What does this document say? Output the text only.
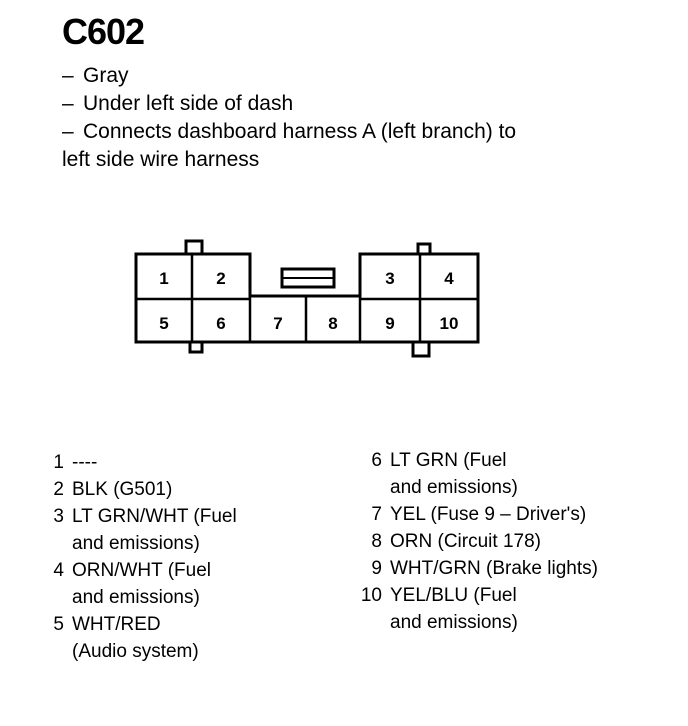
C602
– Gray
– Under left side of dash
– Connects dashboard harness A (left branch) to
left side wire harness
1	2	3	4
5	6	7	8	9	10
1 ----
2 BLK (G501)
3 LT GRN/WHT (Fuel
and emissions)
4 ORN/WHT (Fuel
and emissions)
5 WHT/RED
(Audio system)
6 LT GRN (Fuel
and emissions)
7 YEL (Fuse 9 – Driver's)
8 ORN (Circuit 178)
9 WHT/GRN (Brake lights)
10 YEL/BLU (Fuel
and emissions)
